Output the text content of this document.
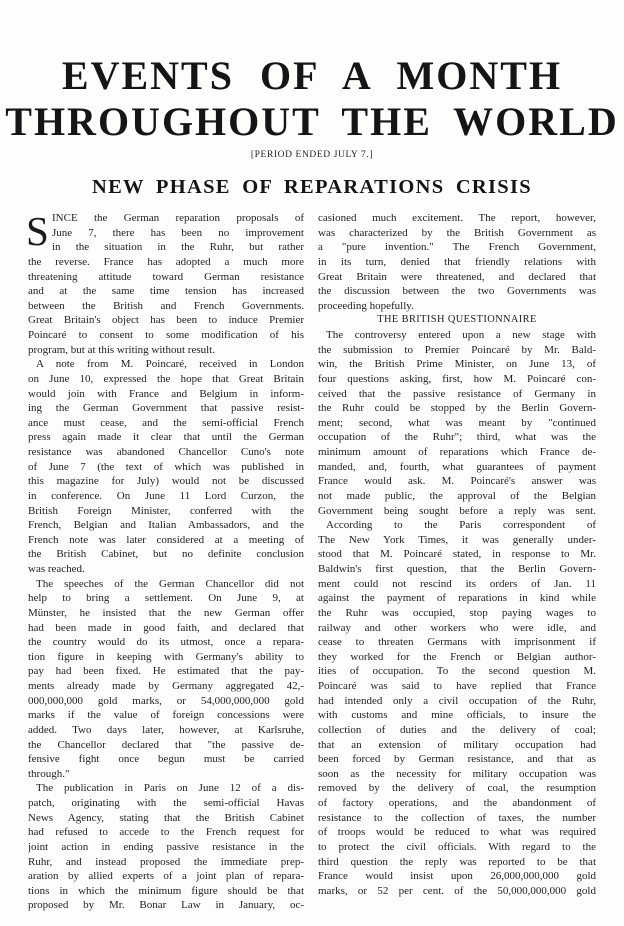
EVENTS OF A MONTH
THROUGHOUT THE WORLD
[PERIOD ENDED JULY 7.]
NEW PHASE OF REPARATIONS CRISIS
S INCE the German reparation proposals of
June 7, there has been no improvement
in the situation in the Ruhr, but rather
the reverse. France has adopted a much more
threatening attitude toward German resistance
and at the same time tension has increased
between the British and French Governments.
Great Britain's object has been to induce Premier
Poincaré to consent to some modification of his
program, but at this writing without result.
A note from M. Poincaré, received in London
on June 10, expressed the hope that Great Britain
would join with France and Belgium in inform-
ing the German Government that passive resist-
ance must cease, and the semi-official French
press again made it clear that until the German
resistance was abandoned Chancellor Cuno's note
of June 7 (the text of which was published in
this magazine for July) would not be discussed
in conference. On June 11 Lord Curzon, the
British Foreign Minister, conferred with the
French, Belgian and Italian Ambassadors, and the
French note was later considered at a meeting of
the British Cabinet, but no definite conclusion
was reached.
The speeches of the German Chancellor did not
help to bring a settlement. On June 9, at
Münster, he insisted that the new German offer
had been made in good faith, and declared that
the country would do its utmost, once a repara-
tion figure in keeping with Germany's ability to
pay had been fixed. He estimated that the pay-
ments already made by Germany aggregated 42,-
000,000,000 gold marks, or 54,000,000,000 gold
marks if the value of foreign concessions were
added. Two days later, however, at Karlsruhe,
the Chancellor declared that "the passive de-
fensive fight once begun must be carried
through."
The publication in Paris on June 12 of a dis-
patch, originating with the semi-official Havas
News Agency, stating that the British Cabinet
had refused to accede to the French request for
joint action in ending passive resistance in the
Ruhr, and instead proposed the immediate prep-
aration by allied experts of a joint plan of repara-
tions in which the minimum figure should be that
proposed by Mr. Bonar Law in January, oc-
casioned much excitement. The report, however,
was characterized by the British Government as
a "pure invention." The French Government,
in its turn, denied that friendly relations with
Great Britain were threatened, and declared that
the discussion between the two Governments was
proceeding hopefully.
THE BRITISH QUESTIONNAIRE
The controversy entered upon a new stage with
the submission to Premier Poincaré by Mr. Bald-
win, the British Prime Minister, on June 13, of
four questions asking, first, how M. Poincaré con-
ceived that the passive resistance of Germany in
the Ruhr could be stopped by the Berlin Govern-
ment; second, what was meant by "continued
occupation of the Ruhr"; third, what was the
minimum amount of reparations which France de-
manded, and, fourth, what guarantees of payment
France would ask. M. Poincaré's answer was
not made public, the approval of the Belgian
Government being sought before a reply was sent.
According to the Paris correspondent of
The New York Times, it was generally under-
stood that M. Poincaré stated, in response to Mr.
Baldwin's first question, that the Berlin Govern-
ment could not rescind its orders of Jan. 11
against the payment of reparations in kind while
the Ruhr was occupied, stop paying wages to
railway and other workers who were idle, and
cease to threaten Germans with imprisonment if
they worked for the French or Belgian author-
ities of occupation. To the second question M.
Poincaré was said to have replied that France
had intended only a civil occupation of the Ruhr,
with customs and mine officials, to insure the
collection of duties and the delivery of coal;
that an extension of military occupation had
been forced by German resistance, and that as
soon as the necessity for military occupation was
removed by the delivery of coal, the resumption
of factory operations, and the abandonment of
resistance to the collection of taxes, the number
of troops would be reduced to what was required
to protect the civil officials. With regard to the
third question the reply was reported to be that
France would insist upon 26,000,000,000 gold
marks, or 52 per cent. of the 50,000,000,000 gold
